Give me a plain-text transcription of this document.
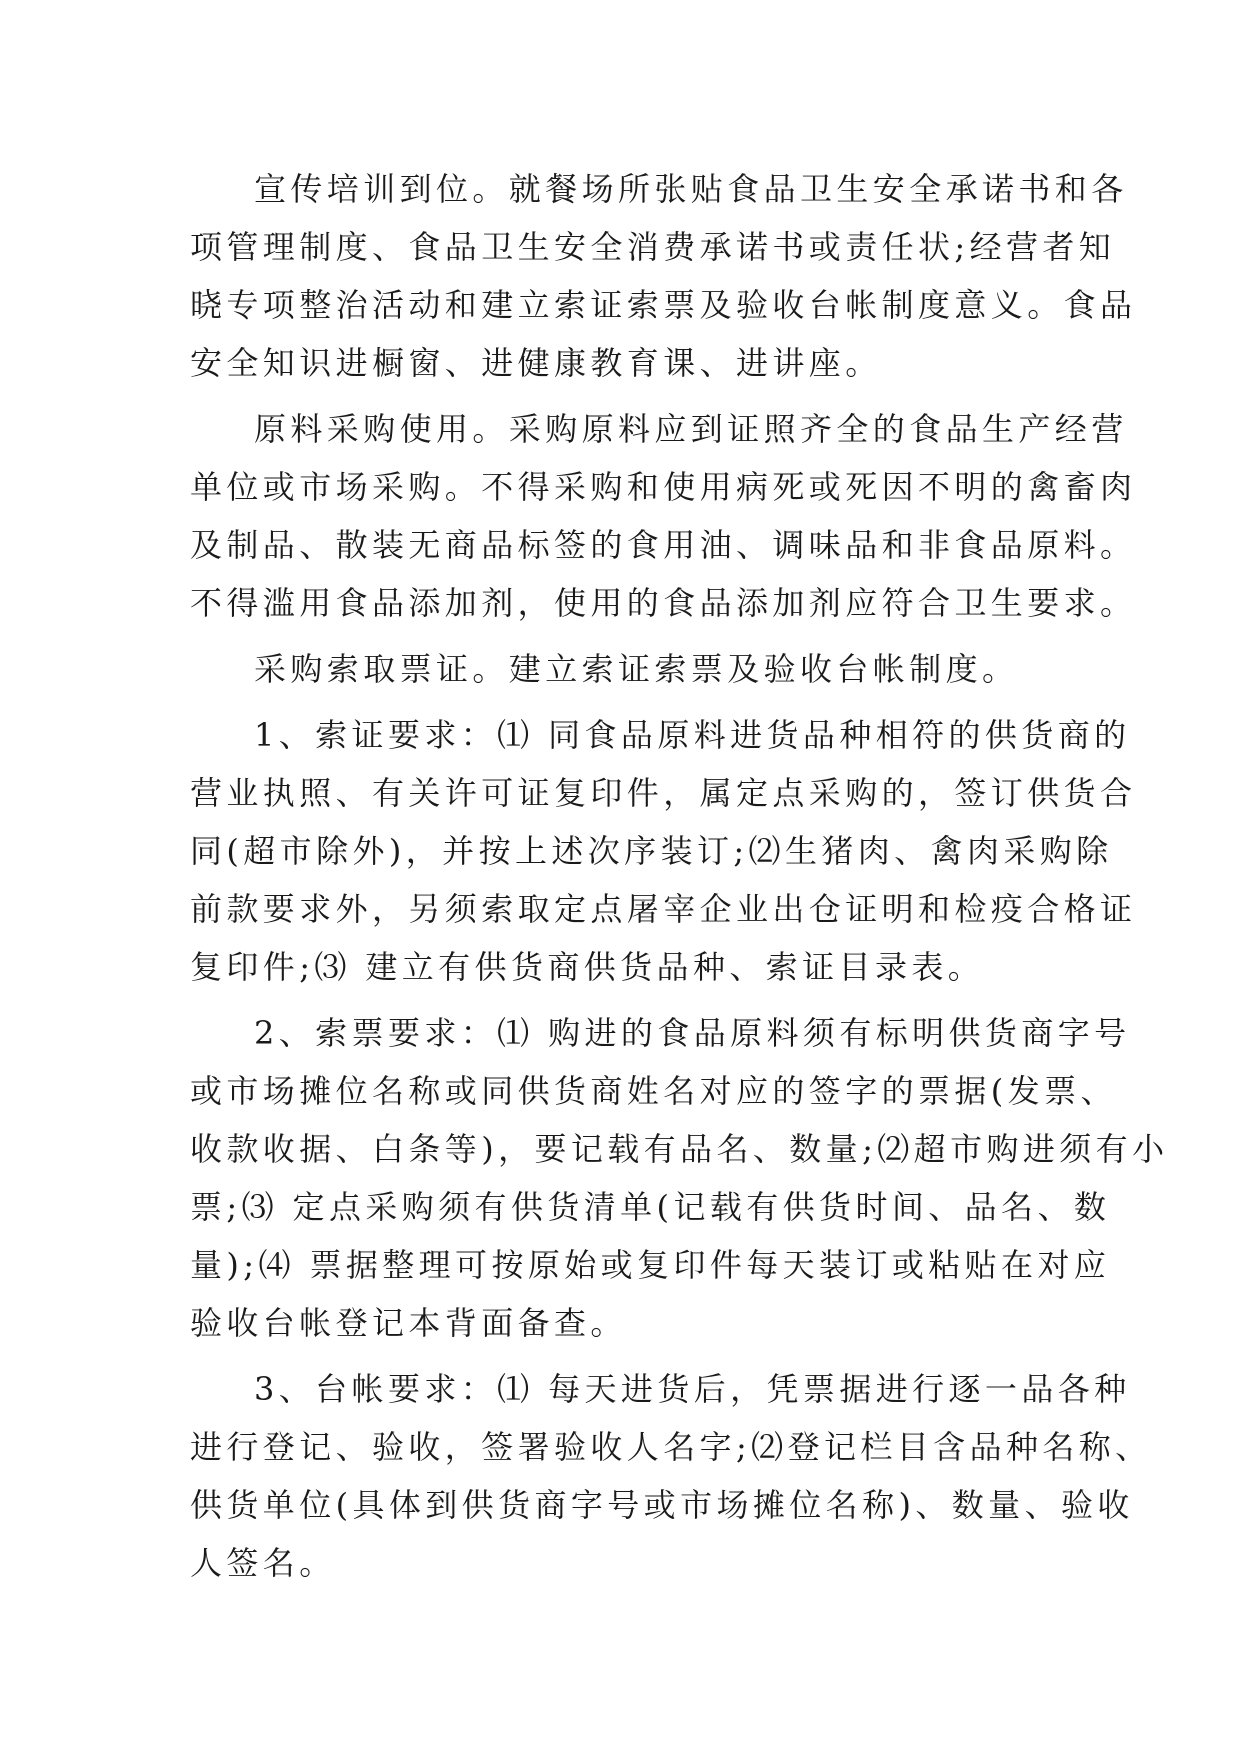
宣传培训到位。就餐场所张贴食品卫生安全承诺书和各
项管理制度、食品卫生安全消费承诺书或责任状;经营者知
晓专项整治活动和建立索证索票及验收台帐制度意义。食品
安全知识进橱窗、进健康教育课、进讲座。
原料采购使用。采购原料应到证照齐全的食品生产经营
单位或市场采购。不得采购和使用病死或死因不明的禽畜肉
及制品、散装无商品标签的食用油、调味品和非食品原料。
不得滥用食品添加剂，使用的食品添加剂应符合卫生要求。
采购索取票证。建立索证索票及验收台帐制度。
1、索证要求：⑴ 同食品原料进货品种相符的供货商的
营业执照、有关许可证复印件，属定点采购的，签订供货合
同(超市除外)，并按上述次序装订;⑵生猪肉、禽肉采购除
前款要求外，另须索取定点屠宰企业出仓证明和检疫合格证
复印件;⑶ 建立有供货商供货品种、索证目录表。
2、索票要求：⑴ 购进的食品原料须有标明供货商字号
或市场摊位名称或同供货商姓名对应的签字的票据(发票、
收款收据、白条等)，要记载有品名、数量;⑵超市购进须有小
票;⑶ 定点采购须有供货清单(记载有供货时间、品名、数
量);⑷ 票据整理可按原始或复印件每天装订或粘贴在对应
验收台帐登记本背面备查。
3、台帐要求：⑴ 每天进货后，凭票据进行逐一品各种
进行登记、验收，签署验收人名字;⑵登记栏目含品种名称、
供货单位(具体到供货商字号或市场摊位名称)、数量、验收
人签名。
